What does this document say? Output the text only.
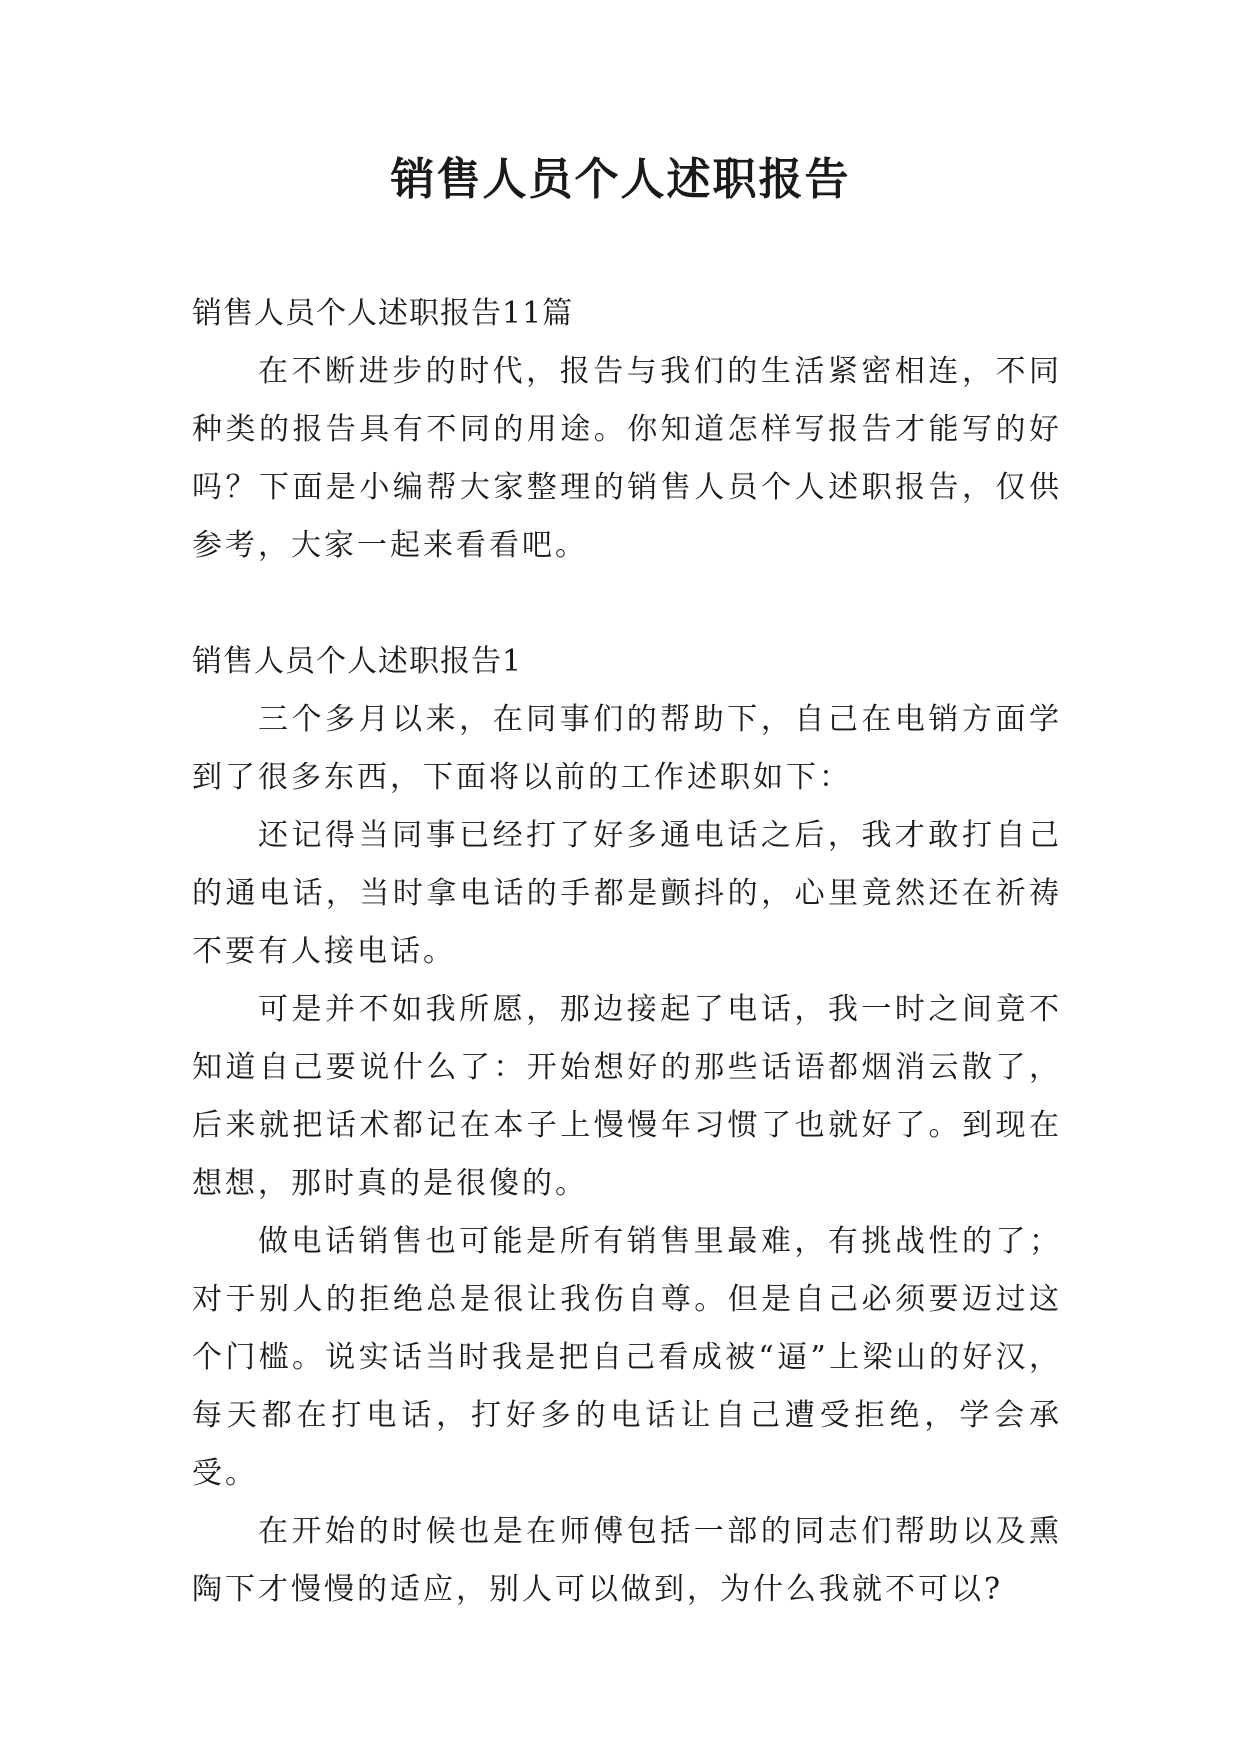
销售人员个人述职报告

销售人员个人述职报告11篇

在不断进步的时代，报告与我们的生活紧密相连，不同种类的报告具有不同的用途。你知道怎样写报告才能写的好吗？下面是小编帮大家整理的销售人员个人述职报告，仅供参考，大家一起来看看吧。

销售人员个人述职报告1

三个多月以来，在同事们的帮助下，自己在电销方面学到了很多东西，下面将以前的工作述职如下：

还记得当同事已经打了好多通电话之后，我才敢打自己的通电话，当时拿电话的手都是颤抖的，心里竟然还在祈祷不要有人接电话。

可是并不如我所愿，那边接起了电话，我一时之间竟不知道自己要说什么了：开始想好的那些话语都烟消云散了，后来就把话术都记在本子上慢慢年习惯了也就好了。到现在想想，那时真的是很傻的。

做电话销售也可能是所有销售里最难，有挑战性的了；对于别人的拒绝总是很让我伤自尊。但是自己必须要迈过这个门槛。说实话当时我是把自己看成被“逼”上梁山的好汉，每天都在打电话，打好多的电话让自己遭受拒绝，学会承受。

在开始的时候也是在师傅包括一部的同志们帮助以及熏陶下才慢慢的适应，别人可以做到，为什么我就不可以?
